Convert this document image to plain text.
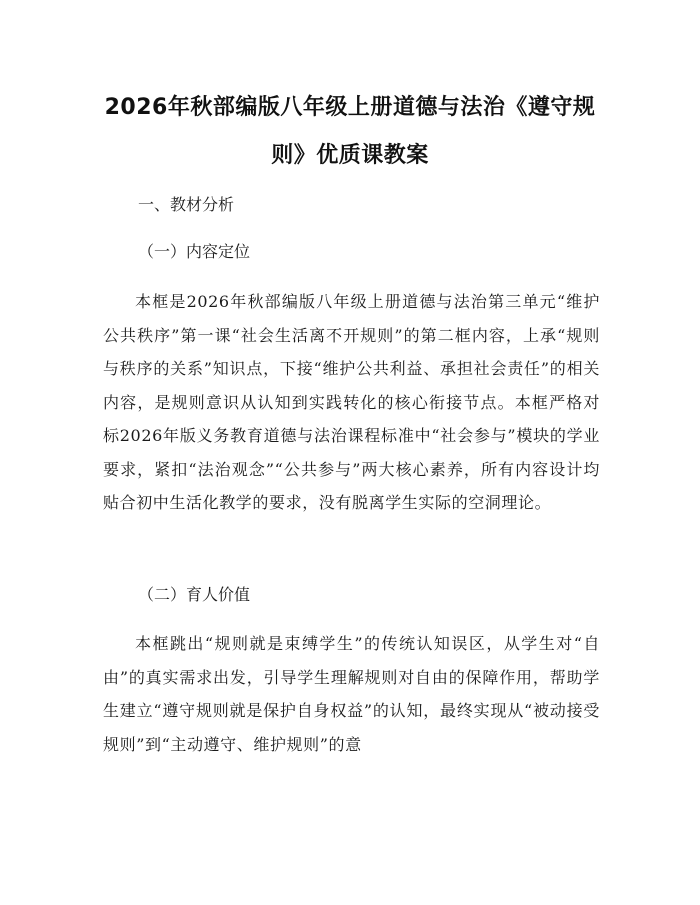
2026年秋部编版八年级上册道德与法治《遵守规则》优质课教案
一、教材分析
（一）内容定位

本框是2026年秋部编版八年级上册道德与法治第三单元“维护公共秩序”第一课“社会生活离不开规则”的第二框内容，上承“规则与秩序的关系”知识点，下接“维护公共利益、承担社会责任”的相关内容，是规则意识从认知到实践转化的核心衔接节点。本框严格对标2026年版义务教育道德与法治课程标准中“社会参与”模块的学业要求，紧扣“法治观念”“公共参与”两大核心素养，所有内容设计均贴合初中生活化教学的要求，没有脱离学生实际的空洞理论。

（二）育人价值

本框跳出“规则就是束缚学生”的传统认知误区，从学生对“自由”的真实需求出发，引导学生理解规则对自由的保障作用，帮助学生建立“遵守规则就是保护自身权益”的认知，最终实现从“被动接受规则”到“主动遵守、维护规则”的意
